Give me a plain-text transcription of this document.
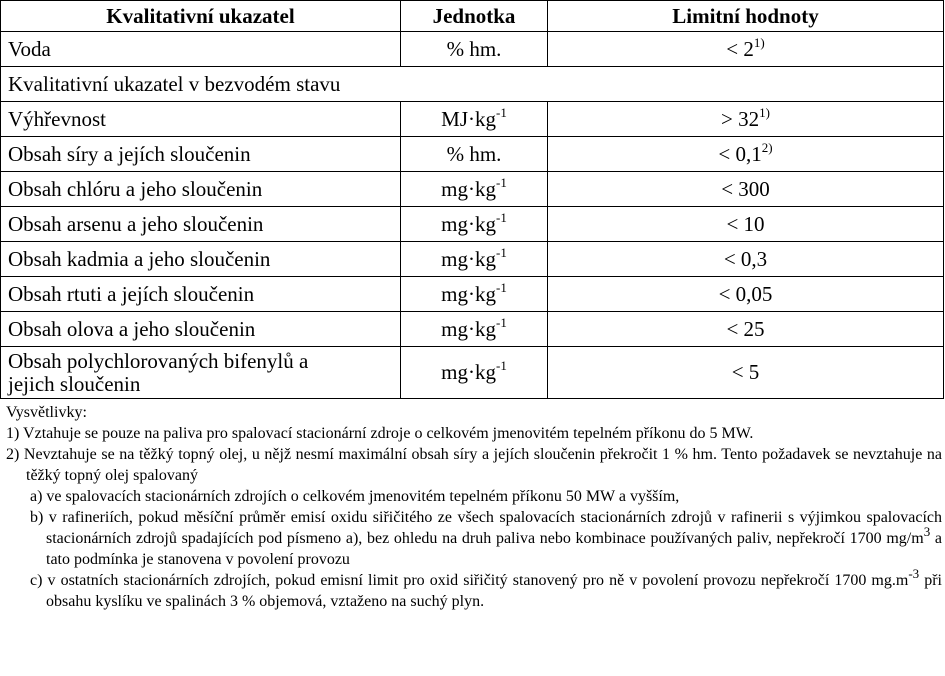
Kvalitativní ukazatel	Jednotka	Limitní hodnoty
Voda	% hm.	< $2^{1)}$
Kvalitativní ukazatel v bezvodém stavu		
Výhřevnost	$MJ\cdot kg^{-1}$	> $32^{1)}$
Obsah síry a jejích sloučenin	% hm.	< $0,1^{2)}$
Obsah chlóru a jeho sloučenin	$mg\cdot kg^{-1}$	< 300
Obsah arsenu a jeho sloučenin	$mg\cdot kg^{-1}$	< 10
Obsah kadmia a jeho sloučenin	$mg\cdot kg^{-1}$	< 0,3
Obsah rtuti a jejích sloučenin	$mg\cdot kg^{-1}$	< 0,05
Obsah olova a jeho sloučenin	$mg\cdot kg^{-1}$	< 25
Obsah polychlorovaných bifenylů a
jejich sloučenin	$mg\cdot kg^{-1}$	< 5

Vysvětlivky:

1) Vztahuje se pouze na paliva pro spalovací stacionární zdroje o celkovém jmenovitém tepelném příkonu do 5 MW.

2) Nevztahuje se na těžký topný olej, u nějž nesmí maximální obsah síry a jejích sloučenin překročit 1 % hm. Tento požadavek se nevztahuje na těžký topný olej spalovaný

a) ve spalovacích stacionárních zdrojích o celkovém jmenovitém tepelném příkonu 50 MW a vyšším,

b) v rafineriích, pokud měsíční průměr emisí oxidu siřičitého ze všech spalovacích stacionárních zdrojů v rafinerii s výjimkou spalovacích stacionárních zdrojů spadajících pod písmeno a), bez ohledu na druh paliva nebo kombinace používaných paliv, nepřekročí 1700 $mg/m^3$ a tato podmínka je stanovena v povolení provozu

c) v ostatních stacionárních zdrojích, pokud emisní limit pro oxid siřičitý stanovený pro ně v povolení provozu nepřekročí 1700 $mg.m^{-3}$ při obsahu kyslíku ve spalinách 3 % objemová, vztaženo na suchý plyn.
